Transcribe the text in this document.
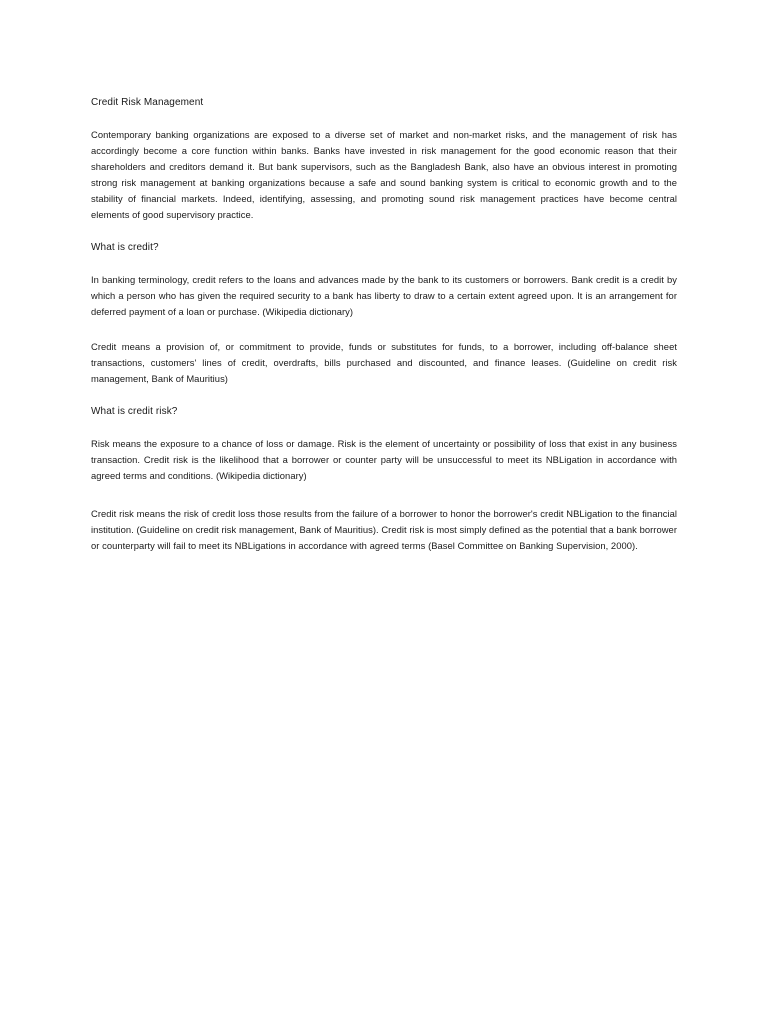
Credit Risk Management

Contemporary banking organizations are exposed to a diverse set of market and non-market risks, and the management of risk has accordingly become a core function within banks. Banks have invested in risk management for the good economic reason that their shareholders and creditors demand it. But bank supervisors, such as the Bangladesh Bank, also have an obvious interest in promoting strong risk management at banking organizations because a safe and sound banking system is critical to economic growth and to the stability of financial markets. Indeed, identifying, assessing, and promoting sound risk management practices have become central elements of good supervisory practice.

What is credit?

In banking terminology, credit refers to the loans and advances made by the bank to its customers or borrowers. Bank credit is a credit by which a person who has given the required security to a bank has liberty to draw to a certain extent agreed upon. It is an arrangement for deferred payment of a loan or purchase. (Wikipedia dictionary)

Credit means a provision of, or commitment to provide, funds or substitutes for funds, to a borrower, including off-balance sheet transactions, customers' lines of credit, overdrafts, bills purchased and discounted, and finance leases. (Guideline on credit risk management, Bank of Mauritius)

What is credit risk?

Risk means the exposure to a chance of loss or damage. Risk is the element of uncertainty or possibility of loss that exist in any business transaction. Credit risk is the likelihood that a borrower or counter party will be unsuccessful to meet its NBLigation in accordance with agreed terms and conditions. (Wikipedia dictionary)

Credit risk means the risk of credit loss those results from the failure of a borrower to honor the borrower's credit NBLigation to the financial institution. (Guideline on credit risk management, Bank of Mauritius). Credit risk is most simply defined as the potential that a bank borrower or counterparty will fail to meet its NBLigations in accordance with agreed terms (Basel Committee on Banking Supervision, 2000).
